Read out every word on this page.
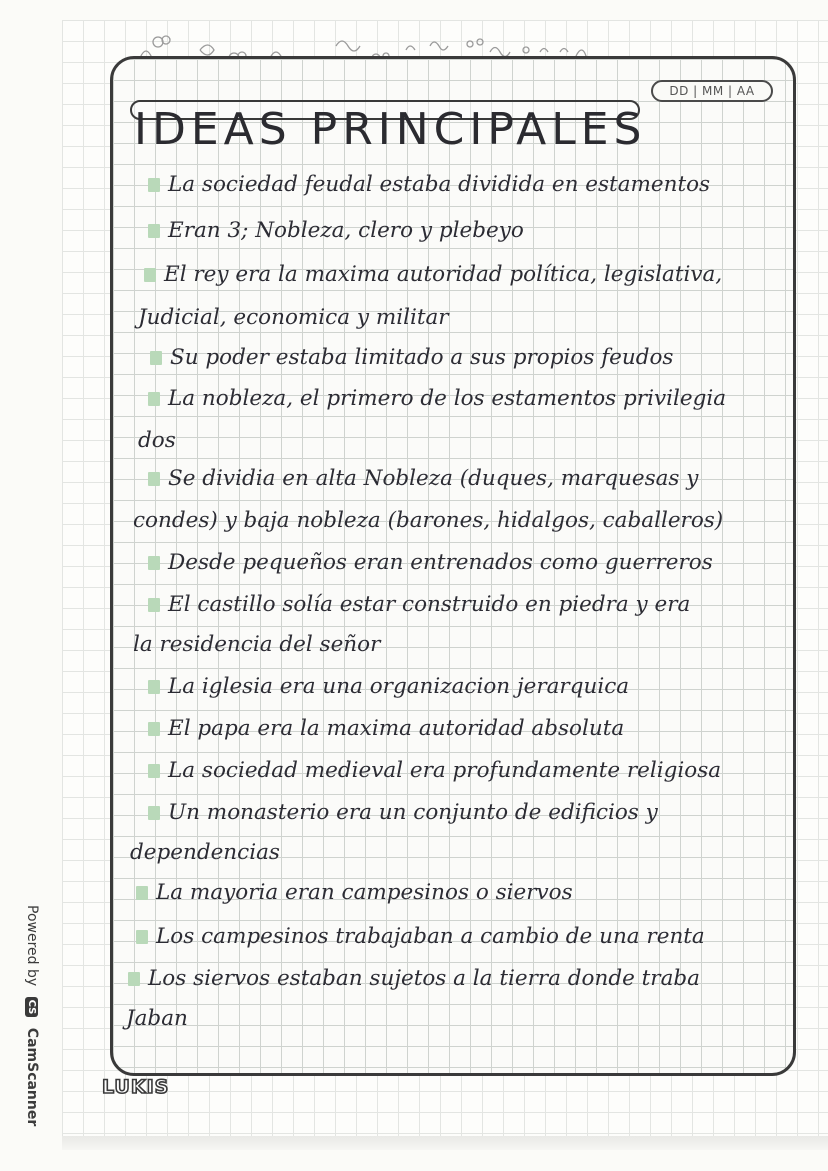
DD | MM | AA
IDEAS PRINCIPALES
La sociedad feudal estaba dividida en estamentos
Eran 3; Nobleza, clero y plebeyo
El rey era la maxima autoridad política, legislativa,
Judicial, economica y militar
Su poder estaba limitado a sus propios feudos
La nobleza, el primero de los estamentos privilegia
dos
Se dividia en alta Nobleza (duques, marquesas y
condes) y baja nobleza (barones, hidalgos, caballeros)
Desde pequeños eran entrenados como guerreros
El castillo solía estar construido en piedra y era
la residencia del señor
La iglesia era una organizacion jerarquica
El papa era la maxima autoridad absoluta
La sociedad medieval era profundamente religiosa
Un monasterio era un conjunto de edificios y
dependencias
La mayoria eran campesinos o siervos
Los campesinos trabajaban a cambio de una renta
Los siervos estaban sujetos a la tierra donde traba
Jaban
LUKIS
Powered by CS CamScanner
